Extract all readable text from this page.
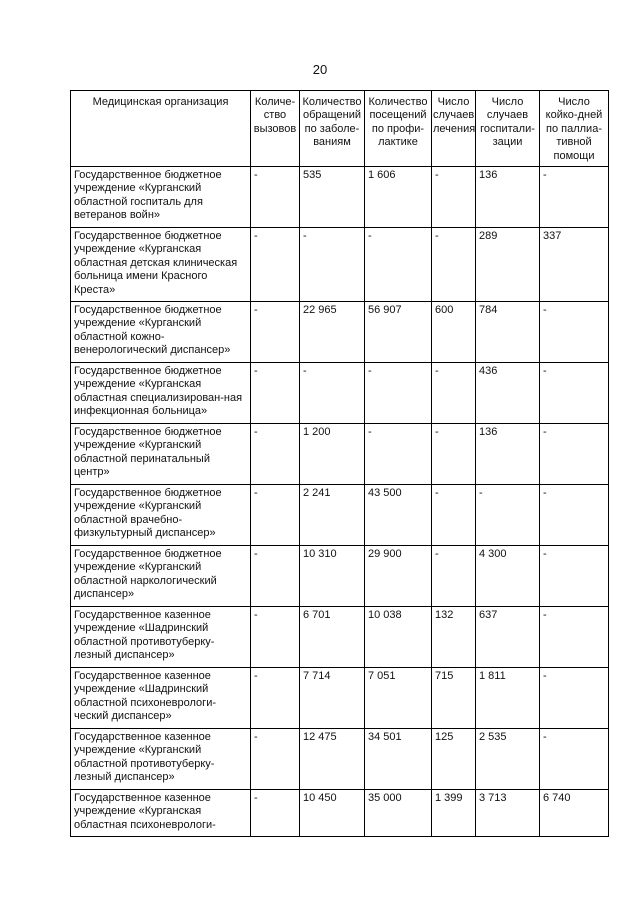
20
Медицинская организация	Количе-
ство
вызовов	Количество
обращений
по заболе-
ваниям	Количество
посещений
по профи-
лактике	Число
случаев
лечения	Число
случаев
госпитали-
зации	Число
койко-дней
по паллиа-
тивной
помощи
Государственное бюджетное учреждение «Курганский областной госпиталь для ветеранов войн»	-	535	1 606	-	136	-
Государственное бюджетное учреждение «Курганская областная детская клиническая больница имени Красного Креста»	-	-	-	-	289	337
Государственное бюджетное учреждение «Курганский областной кожно-венерологический диспансер»	-	22 965	56 907	600	784	-
Государственное бюджетное учреждение «Курганская областная специализирован-ная инфекционная больница»	-	-	-	-	436	-
Государственное бюджетное учреждение «Курганский областной перинатальный центр»	-	1 200	-	-	136	-
Государственное бюджетное учреждение «Курганский областной врачебно-физкультурный диспансер»	-	2 241	43 500	-	-	-
Государственное бюджетное учреждение «Курганский областной наркологический диспансер»	-	10 310	29 900	-	4 300	-
Государственное казенное учреждение «Шадринский областной противотуберку-лезный диспансер»	-	6 701	10 038	132	637	-
Государственное казенное учреждение «Шадринский областной психоневрологи-ческий диспансер»	-	7 714	7 051	715	1 811	-
Государственное казенное учреждение «Курганский областной противотуберку-лезный диспансер»	-	12 475	34 501	125	2 535	-
Государственное казенное учреждение «Курганская областная психоневрологи-	-	10 450	35 000	1 399	3 713	6 740
